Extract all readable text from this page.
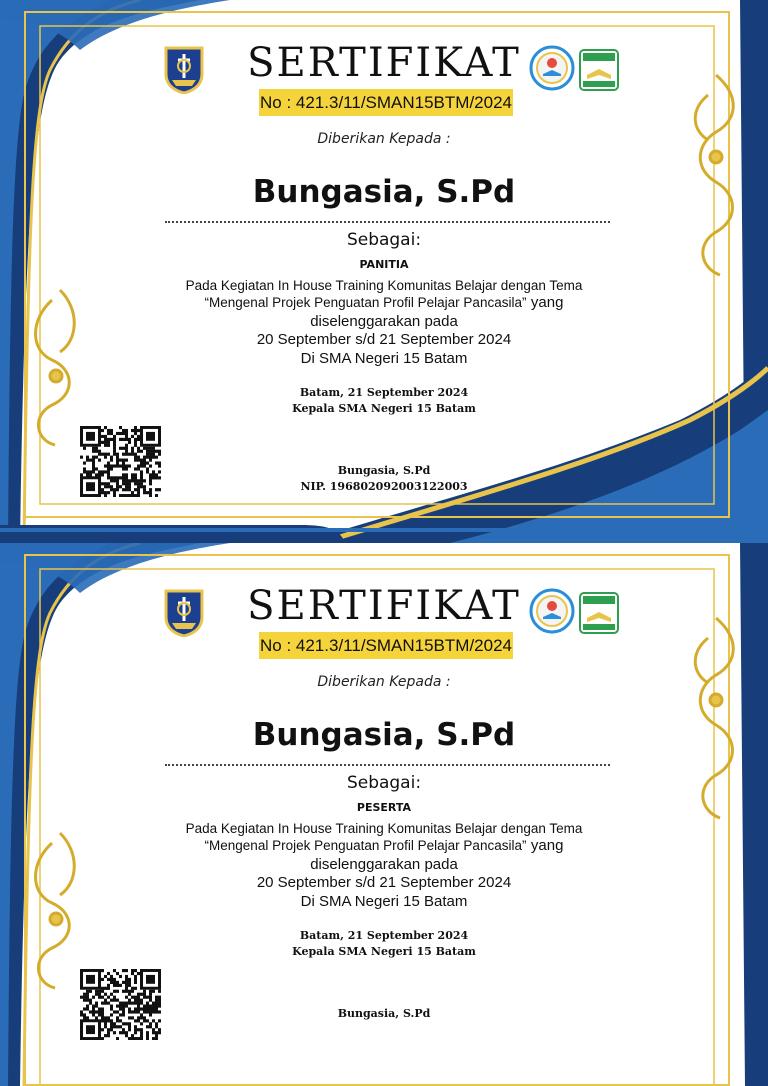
SERTIFIKAT
No : 421.3/11/SMAN15BTM/2024
Diberikan Kepada :
Bungasia, S.Pd
Sebagai:
PANITIA
Pada Kegiatan In House Training Komunitas Belajar dengan Tema
“Mengenal Projek Penguatan Profil Pelajar Pancasila” yang
diselenggarakan pada
20 September s/d 21 September 2024
Di SMA Negeri 15 Batam
Batam, 21 September 2024
Kepala SMA Negeri 15 Batam
Bungasia, S.Pd
NIP. 196802092003122003
SERTIFIKAT
No : 421.3/11/SMAN15BTM/2024
Diberikan Kepada :
Bungasia, S.Pd
Sebagai:
PESERTA
Pada Kegiatan In House Training Komunitas Belajar dengan Tema
“Mengenal Projek Penguatan Profil Pelajar Pancasila” yang
diselenggarakan pada
20 September s/d 21 September 2024
Di SMA Negeri 15 Batam
Batam, 21 September 2024
Kepala SMA Negeri 15 Batam
Bungasia, S.Pd
